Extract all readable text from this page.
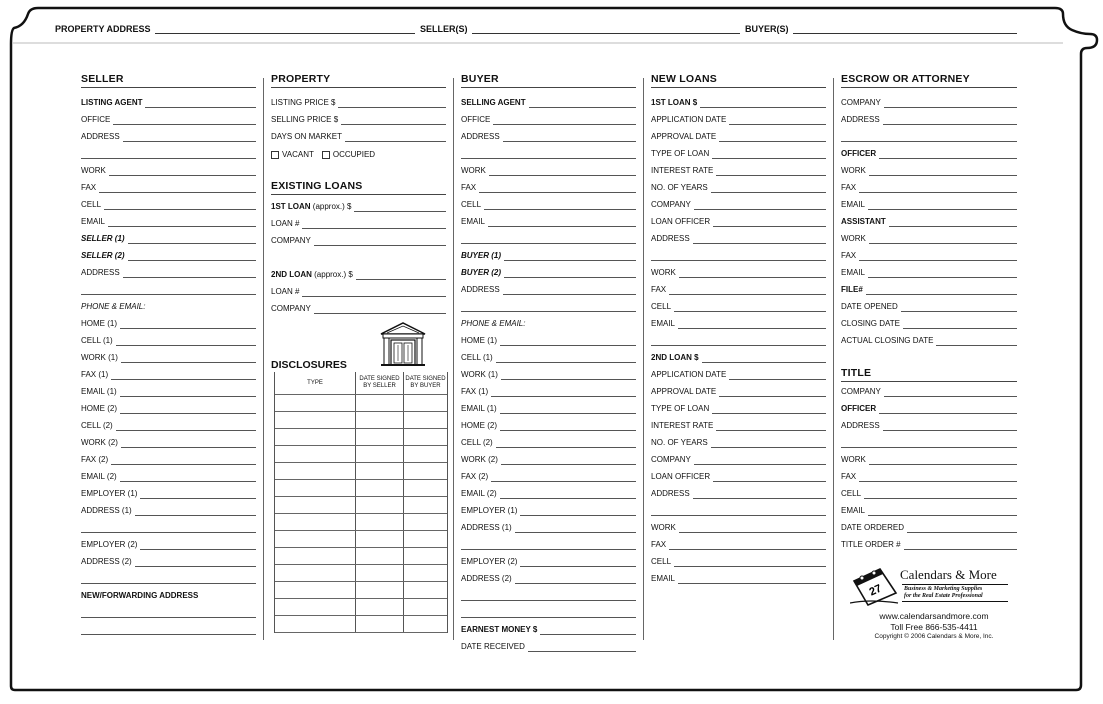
PROPERTY ADDRESS	SELLER(S)	BUYER(S)
SELLER
LISTING AGENT
OFFICE
ADDRESS
WORK
FAX
CELL
EMAIL
SELLER (1)
SELLER (2)
ADDRESS
PHONE & EMAIL:
HOME (1)
CELL (1)
WORK (1)
FAX (1)
EMAIL (1)
HOME (2)
CELL (2)
WORK (2)
FAX (2)
EMAIL (2)
EMPLOYER (1)
ADDRESS (1)
EMPLOYER (2)
ADDRESS (2)
NEW/FORWARDING ADDRESS
PROPERTY
LISTING PRICE $
SELLING PRICE $
DAYS ON MARKET
VACANT OCCUPIED
EXISTING LOANS
1ST LOAN (approx.) $
LOAN #
COMPANY
2ND LOAN (approx.) $
LOAN #
COMPANY
DISCLOSURES
TYPE
DATE SIGNED BY SELLER
DATE SIGNED BY BUYER
BUYER
SELLING AGENT
OFFICE
ADDRESS
WORK
FAX
CELL
EMAIL
BUYER (1)
BUYER (2)
ADDRESS
PHONE & EMAIL:
HOME (1)
CELL (1)
WORK (1)
FAX (1)
EMAIL (1)
HOME (2)
CELL (2)
WORK (2)
FAX (2)
EMAIL (2)
EMPLOYER (1)
ADDRESS (1)
EMPLOYER (2)
ADDRESS (2)
EARNEST MONEY $
DATE RECEIVED
NEW LOANS
1ST LOAN $
APPLICATION DATE
APPROVAL DATE
TYPE OF LOAN
INTEREST RATE
NO. OF YEARS
COMPANY
LOAN OFFICER
ADDRESS
WORK
FAX
CELL
EMAIL
2ND LOAN $
APPLICATION DATE
APPROVAL DATE
TYPE OF LOAN
INTEREST RATE
NO. OF YEARS
COMPANY
LOAN OFFICER
ADDRESS
WORK
FAX
CELL
EMAIL
ESCROW OR ATTORNEY
COMPANY
ADDRESS
OFFICER
WORK
FAX
EMAIL
ASSISTANT
WORK
FAX
EMAIL
FILE#
DATE OPENED
CLOSING DATE
ACTUAL CLOSING DATE
TITLE
COMPANY
OFFICER
ADDRESS
WORK
FAX
CELL
EMAIL
DATE ORDERED
TITLE ORDER #
27
Calendars & More
Business & Marketing Supplies
for the Real Estate Professional
www.calendarsandmore.com
Toll Free 866-535-4411
Copyright © 2006 Calendars & More, Inc.
